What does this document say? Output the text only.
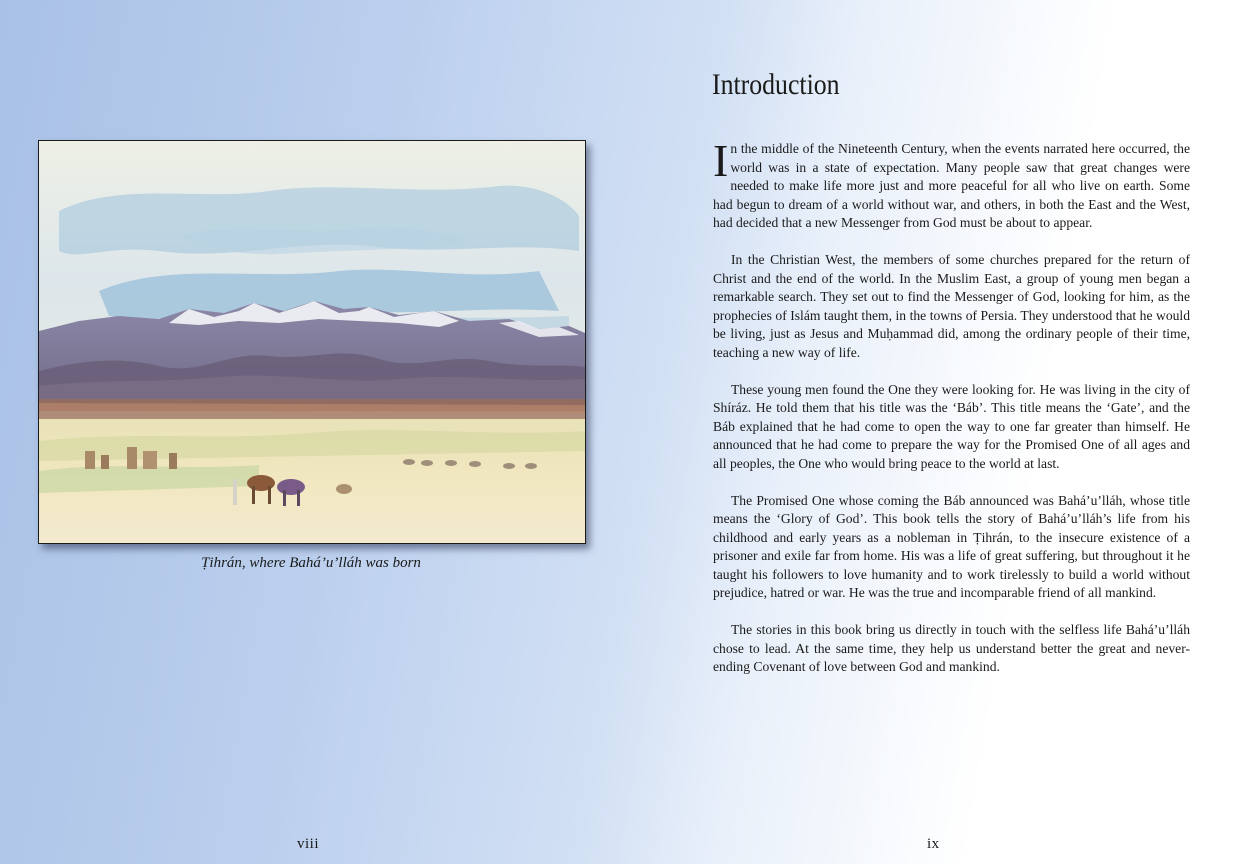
Ṭihrán, where Bahá’u’lláh was born
viii
Introduction

In the middle of the Nineteenth Century, when the events narrated here occurred, the world was in a state of expectation. Many people saw that great changes were needed to make life more just and more peaceful for all who live on earth. Some had begun to dream of a world without war, and others, in both the East and the West, had decided that a new Messenger from God must be about to appear.

In the Christian West, the members of some churches prepared for the return of Christ and the end of the world. In the Muslim East, a group of young men began a remarkable search. They set out to find the Messenger of God, looking for him, as the prophecies of Islám taught them, in the towns of Persia. They understood that he would be living, just as Jesus and Muḥammad did, among the ordinary people of their time, teaching a new way of life.

These young men found the One they were looking for. He was living in the city of Shíráz. He told them that his title was the ‘Báb’. This title means the ‘Gate’, and the Báb explained that he had come to open the way to one far greater than himself. He announced that he had come to prepare the way for the Promised One of all ages and all peoples, the One who would bring peace to the world at last.

The Promised One whose coming the Báb announced was Bahá’u’lláh, whose title means the ‘Glory of God’. This book tells the story of Bahá’u’lláh’s life from his childhood and early years as a nobleman in Ṭihrán, to the insecure existence of a prisoner and exile far from home. His was a life of great suffering, but throughout it he taught his followers to love humanity and to work tirelessly to build a world without prejudice, hatred or war. He was the true and incomparable friend of all mankind.

The stories in this book bring us directly in touch with the selfless life Bahá’u’lláh chose to lead. At the same time, they help us understand better the great and never-ending Covenant of love between God and mankind.

ix
